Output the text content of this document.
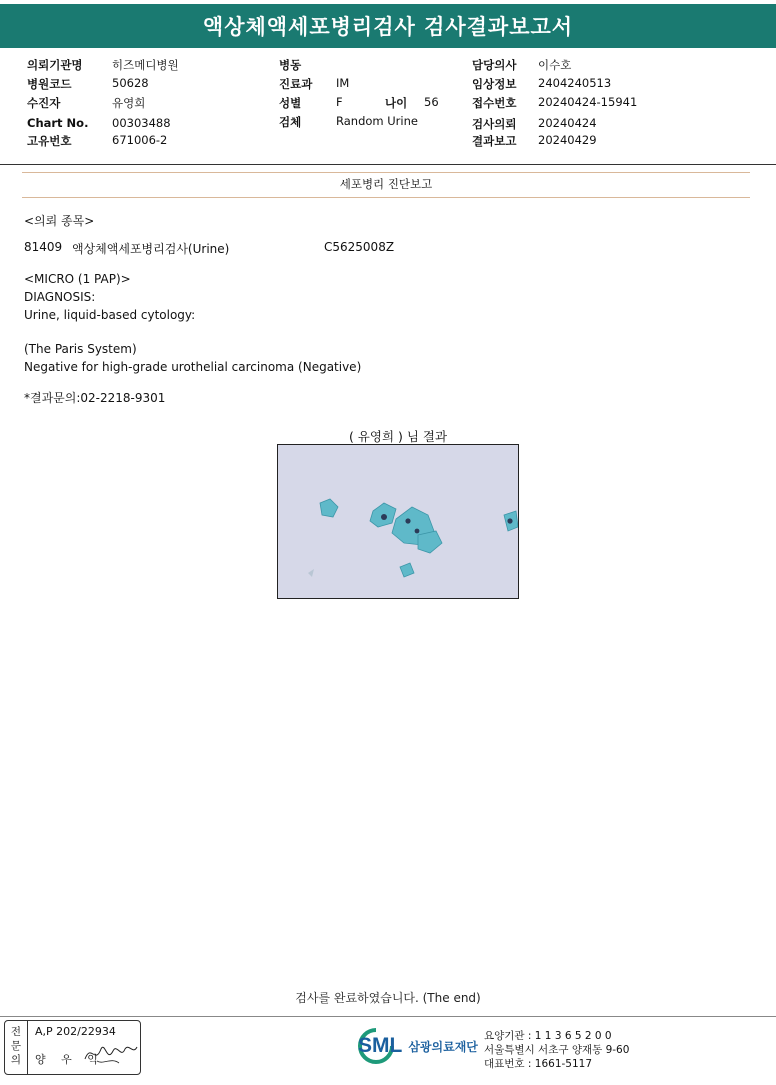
액상체액세포병리검사 검사결과보고서
의뢰기관명	히즈메디병원
병원코드	50628
수진자	유영희
Chart No. 00303488
고유번호	671006-2
병동
진료과 IM
성별	F	나이 56
검체	Random Urine
담당의사 이수호
임상정보 2404240513
접수번호 20240424-15941
검사의뢰 20240424
결과보고 20240429
세포병리 진단보고
<의뢰 종목>
81409 액상체액세포병리검사(Urine)	C5625008Z
<MICRO (1 PAP)>
DIAGNOSIS:
Urine, liquid-based cytology:
(The Paris System)
Negative for high-grade urothelial carcinoma (Negative)
*결과문의:02-2218-9301
( 유영희 ) 님 결과
검사를 완료하였습니다. (The end)
전
문
의
A,P 202/22934
양 우 익
SML 삼광의료재단
요양기관 : 1 1 3 6 5 2 0 0
서울특별시 서초구 양재동 9-60
대표번호 : 1661-5117
